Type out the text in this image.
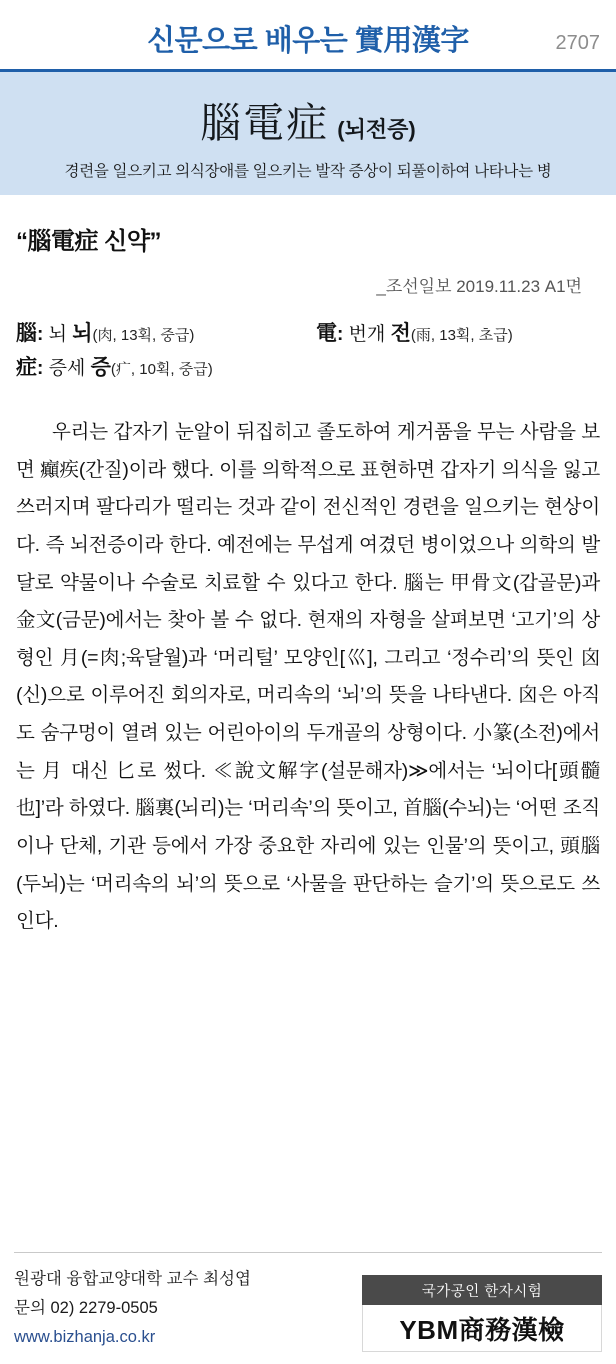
신문으로 배우는 實用漢字	2707
腦電症 (뇌전증)
경련을 일으키고 의식장애를 일으키는 발작 증상이 되풀이하여 나타나는 병
“腦電症 신약”
_조선일보 2019.11.23 A1면
腦: 뇌 뇌(肉, 13획, 중급)	電: 번개 전(雨, 13획, 초급)
症: 증세 증(疒, 10획, 중급)
우리는 갑자기 눈알이 뒤집히고 졸도하여 게거품을 무는 사람을 보면 癲疾(간질)이라 했다. 이를 의학적으로 표현하면 갑자기 의식을 잃고 쓰러지며 팔다리가 떨리는 것과 같이 전신적인 경련을 일으키는 현상이다. 즉 뇌전증이라 한다. 예전에는 무섭게 여겼던 병이었으나 의학의 발달로 약물이나 수술로 치료할 수 있다고 한다. 腦는 甲骨文(갑골문)과 金文(금문)에서는 찾아 볼 수 없다. 현재의 자형을 살펴보면 ‘고기’의 상형인 月(=肉;육달월)과 ‘머리털’ 모양인[巛], 그리고 ‘정수리’의 뜻인 囟(신)으로 이루어진 회의자로, 머리속의 ‘뇌’의 뜻을 나타낸다. 囟은 아직도 숨구멍이 열려 있는 어린아이의 두개골의 상형이다. 小篆(소전)에서는 月 대신 匕로 썼다. ≪說文解字(설문해자)≫에서는 ‘뇌이다[頭髓也]’라 하였다. 腦裏(뇌리)는 ‘머리속’의 뜻이고, 首腦(수뇌)는 ‘어떤 조직이나 단체, 기관 등에서 가장 중요한 자리에 있는 인물’의 뜻이고, 頭腦(두뇌)는 ‘머리속의 뇌’의 뜻으로 ‘사물을 판단하는 슬기’의 뜻으로도 쓰인다.
원광대 융합교양대학 교수 최성엽
문의 02) 2279-0505
www.bizhanja.co.kr
국가공인 한자시험
YBM商務漢檢
